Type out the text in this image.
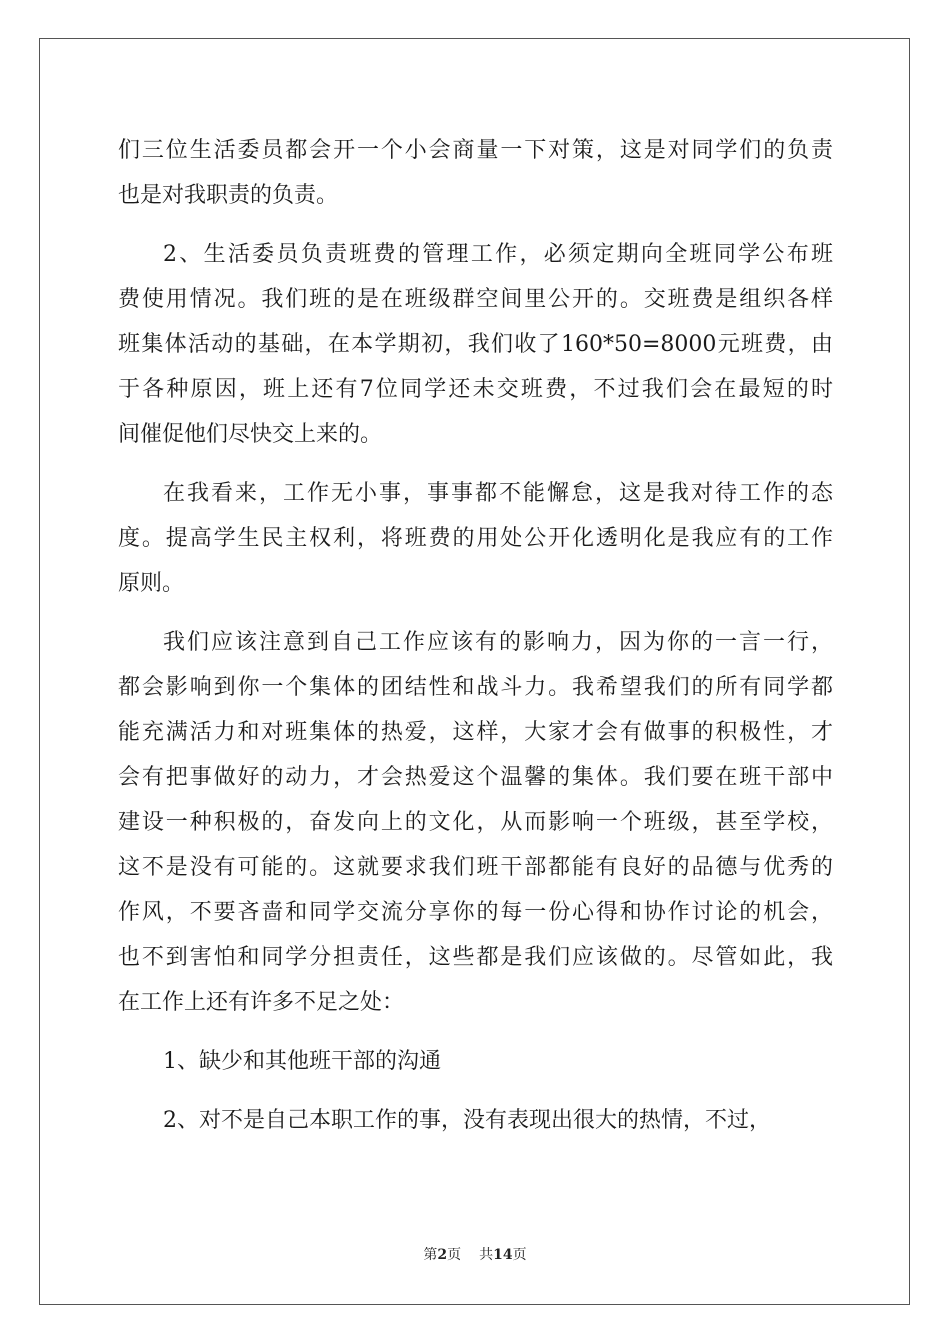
们三位生活委员都会开一个小会商量一下对策，这是对同学们的负责
也是对我职责的负责。
2、生活委员负责班费的管理工作，必须定期向全班同学公布班
费使用情况。我们班的是在班级群空间里公开的。交班费是组织各样
班集体活动的基础，在本学期初，我们收了160*50=8000元班费，由
于各种原因，班上还有7位同学还未交班费，不过我们会在最短的时
间催促他们尽快交上来的。
在我看来，工作无小事，事事都不能懈怠，这是我对待工作的态
度。提高学生民主权利，将班费的用处公开化透明化是我应有的工作
原则。
我们应该注意到自己工作应该有的影响力，因为你的一言一行，
都会影响到你一个集体的团结性和战斗力。我希望我们的所有同学都
能充满活力和对班集体的热爱，这样，大家才会有做事的积极性，才
会有把事做好的动力，才会热爱这个温馨的集体。我们要在班干部中
建设一种积极的，奋发向上的文化，从而影响一个班级，甚至学校，
这不是没有可能的。这就要求我们班干部都能有良好的品德与优秀的
作风，不要吝啬和同学交流分享你的每一份心得和协作讨论的机会，
也不到害怕和同学分担责任，这些都是我们应该做的。尽管如此，我
在工作上还有许多不足之处：
1、缺少和其他班干部的沟通
2、对不是自己本职工作的事，没有表现出很大的热情，不过，
第2页 共14页
